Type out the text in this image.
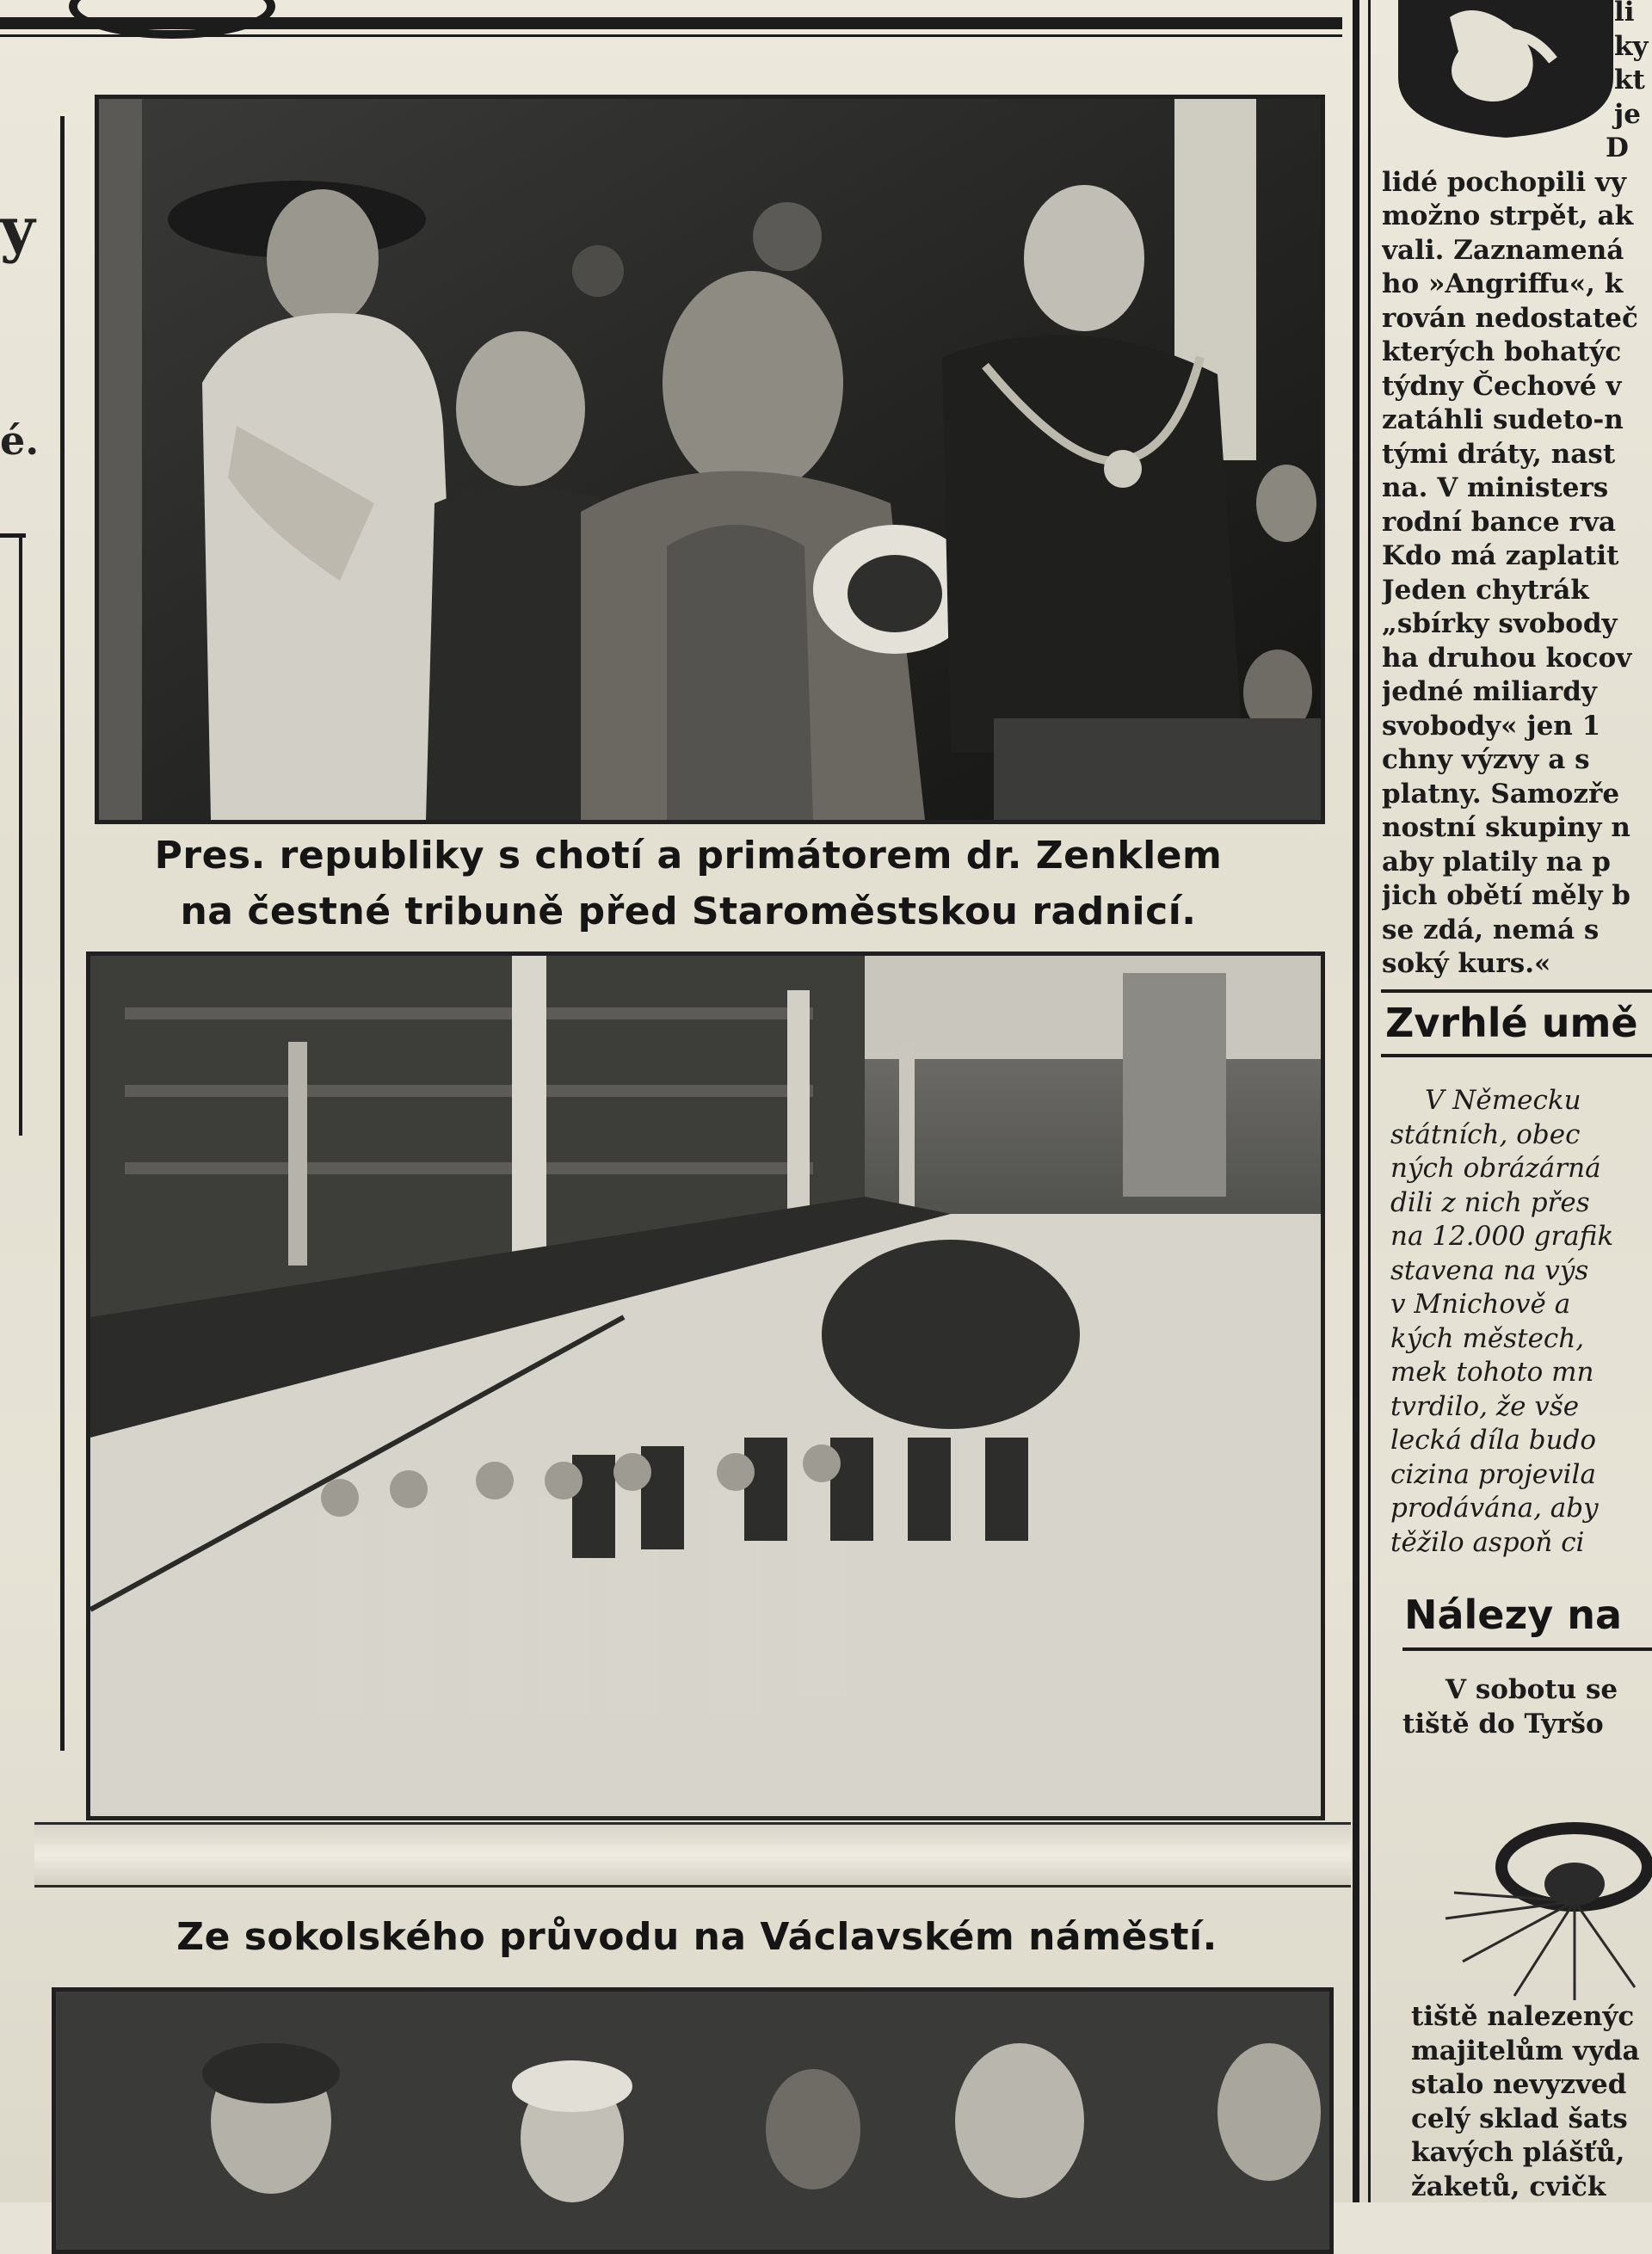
y
é.
Pres. republiky s chotí a primátorem dr. Zenklem
na čestné tribuně před Staroměstskou radnicí.
Ze sokolského průvodu na Václavském náměstí.
li
ky
kt
je
D
lidé pochopili vy
možno strpět, ak
vali. Zaznamená
ho »Angriffu«, k
rován nedostateč
kterých bohatýc
týdny Čechové v
zatáhli sudeto-n
tými dráty, nast
na. V ministers
rodní bance rva
Kdo má zaplatit
Jeden chytrák
„sbírky svobody
ha druhou kocov
jedné miliardy
svobody« jen 1
chny výzvy a s
platny. Samozře
nostní skupiny n
aby platily na p
jich obětí měly b
se zdá, nemá s
soký kurs.«
Zvrhlé umě
V Německu
státních, obec
ných obrázárná
dili z nich přes
na 12.000 grafik
stavena na výs
v Mnichově a
kých městech,
mek tohoto mn
tvrdilo, že vše
lecká díla budo
cizina projevila
prodávána, aby
těžilo aspoň ci
Nálezy na
V sobotu se
tiště do Tyršo
tiště nalezenýc
majitelům vyda
stalo nevyzved
celý sklad šats
kavých plášťů,
žaketů, cvičk
